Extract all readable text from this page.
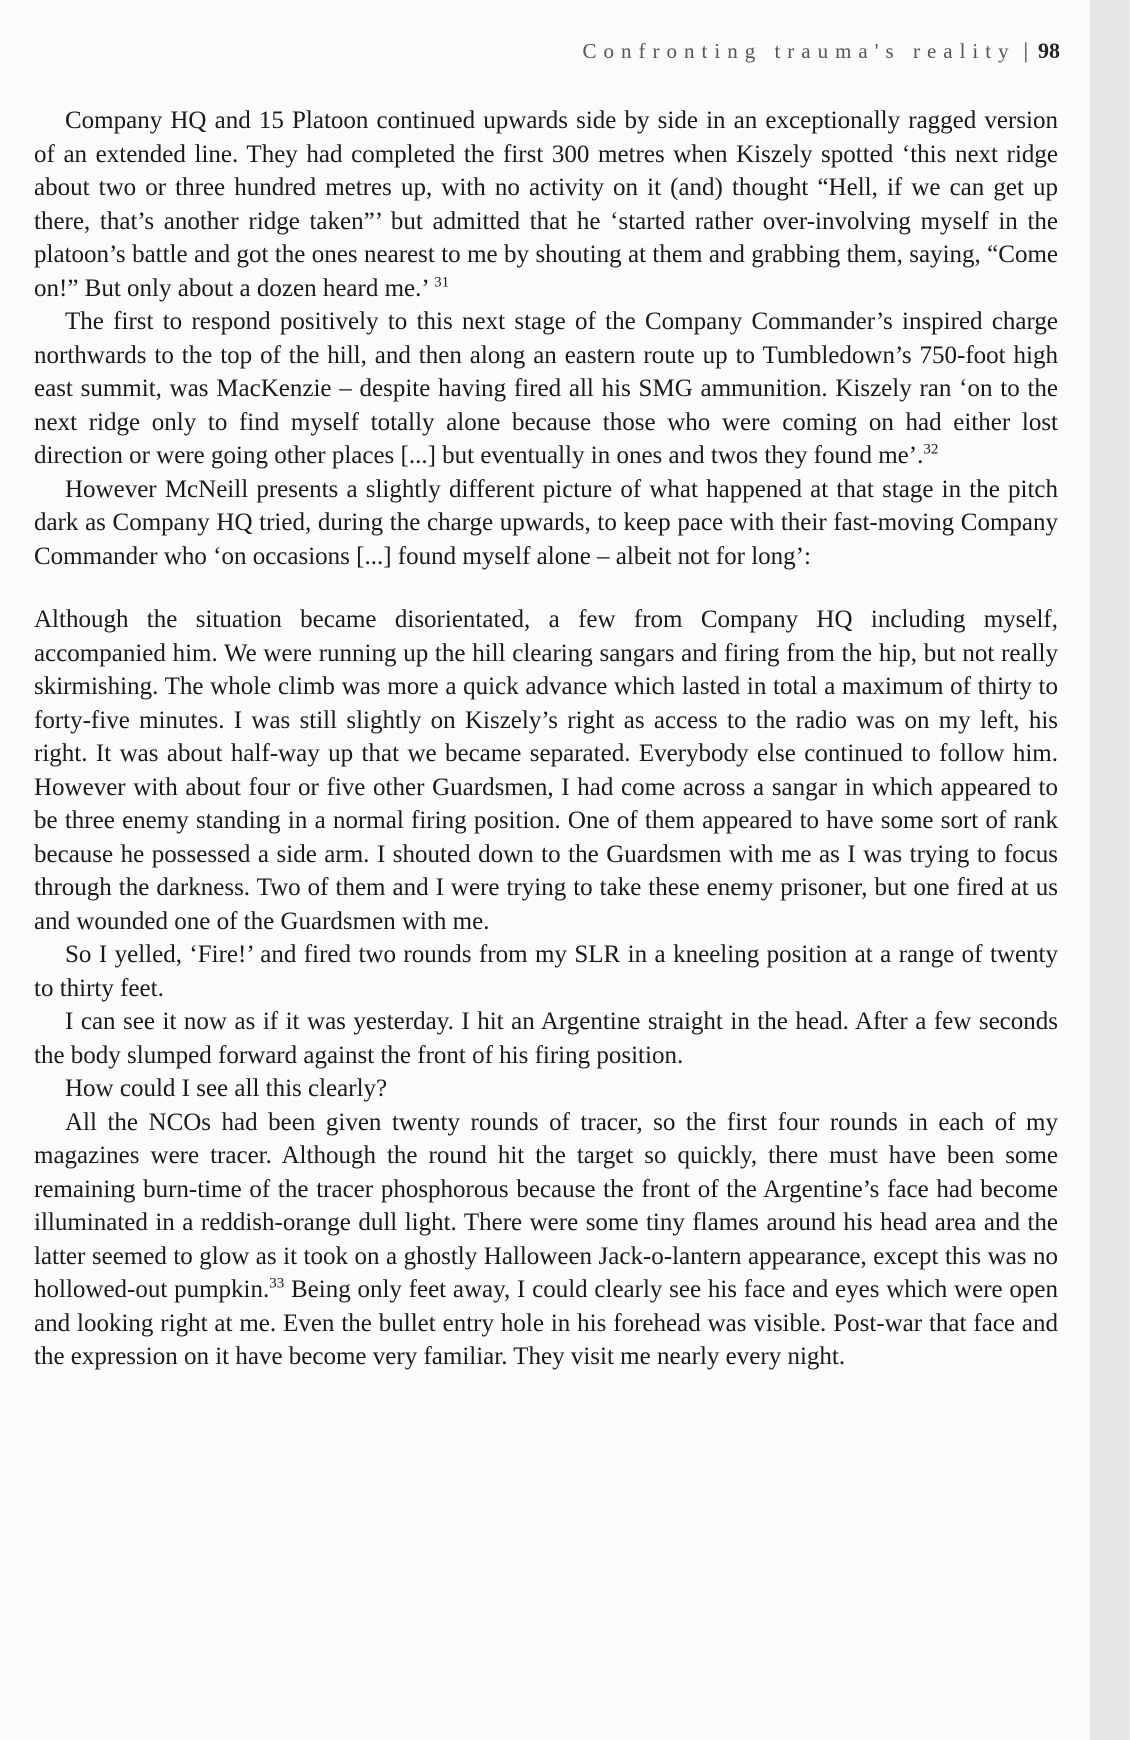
Confronting trauma's reality | 98

Company HQ and 15 Platoon continued upwards side by side in an exceptionally ragged version of an extended line. They had completed the first 300 metres when Kiszely spotted ‘this next ridge about two or three hundred metres up, with no activity on it (and) thought “Hell, if we can get up there, that’s another ridge taken”’ but admitted that he ‘started rather over-involving myself in the platoon’s battle and got the ones nearest to me by shouting at them and grabbing them, saying, “Come on!” But only about a dozen heard me.’ $^{31}$

The first to respond positively to this next stage of the Company Commander’s inspired charge northwards to the top of the hill, and then along an eastern route up to Tumbledown’s 750-foot high east summit, was MacKenzie – despite having fired all his SMG ammunition. Kiszely ran ‘on to the next ridge only to find myself totally alone because those who were coming on had either lost direction or were going other places [...] but eventually in ones and twos they found me’.$^{32}$

However McNeill presents a slightly different picture of what happened at that stage in the pitch dark as Company HQ tried, during the charge upwards, to keep pace with their fast-moving Company Commander who ‘on occasions [...] found myself alone – albeit not for long’:

Although the situation became disorientated, a few from Company HQ including myself, accompanied him. We were running up the hill clearing sangars and firing from the hip, but not really skirmishing. The whole climb was more a quick advance which lasted in total a maximum of thirty to forty-five minutes. I was still slightly on Kiszely’s right as access to the radio was on my left, his right. It was about half-way up that we became separated. Everybody else continued to follow him. However with about four or five other Guardsmen, I had come across a sangar in which appeared to be three enemy standing in a normal firing position. One of them appeared to have some sort of rank because he possessed a side arm. I shouted down to the Guardsmen with me as I was trying to focus through the darkness. Two of them and I were trying to take these enemy prisoner, but one fired at us and wounded one of the Guardsmen with me.

So I yelled, ‘Fire!’ and fired two rounds from my SLR in a kneeling position at a range of twenty to thirty feet.

I can see it now as if it was yesterday. I hit an Argentine straight in the head. After a few seconds the body slumped forward against the front of his firing position.

How could I see all this clearly?

All the NCOs had been given twenty rounds of tracer, so the first four rounds in each of my magazines were tracer. Although the round hit the target so quickly, there must have been some remaining burn-time of the tracer phosphorous because the front of the Argentine’s face had become illuminated in a reddish-orange dull light. There were some tiny flames around his head area and the latter seemed to glow as it took on a ghostly Halloween Jack-o-lantern appearance, except this was no hollowed-out pumpkin.$^{33}$ Being only feet away, I could clearly see his face and eyes which were open and looking right at me. Even the bullet entry hole in his forehead was visible. Post-war that face and the expression on it have become very familiar. They visit me nearly every night.
